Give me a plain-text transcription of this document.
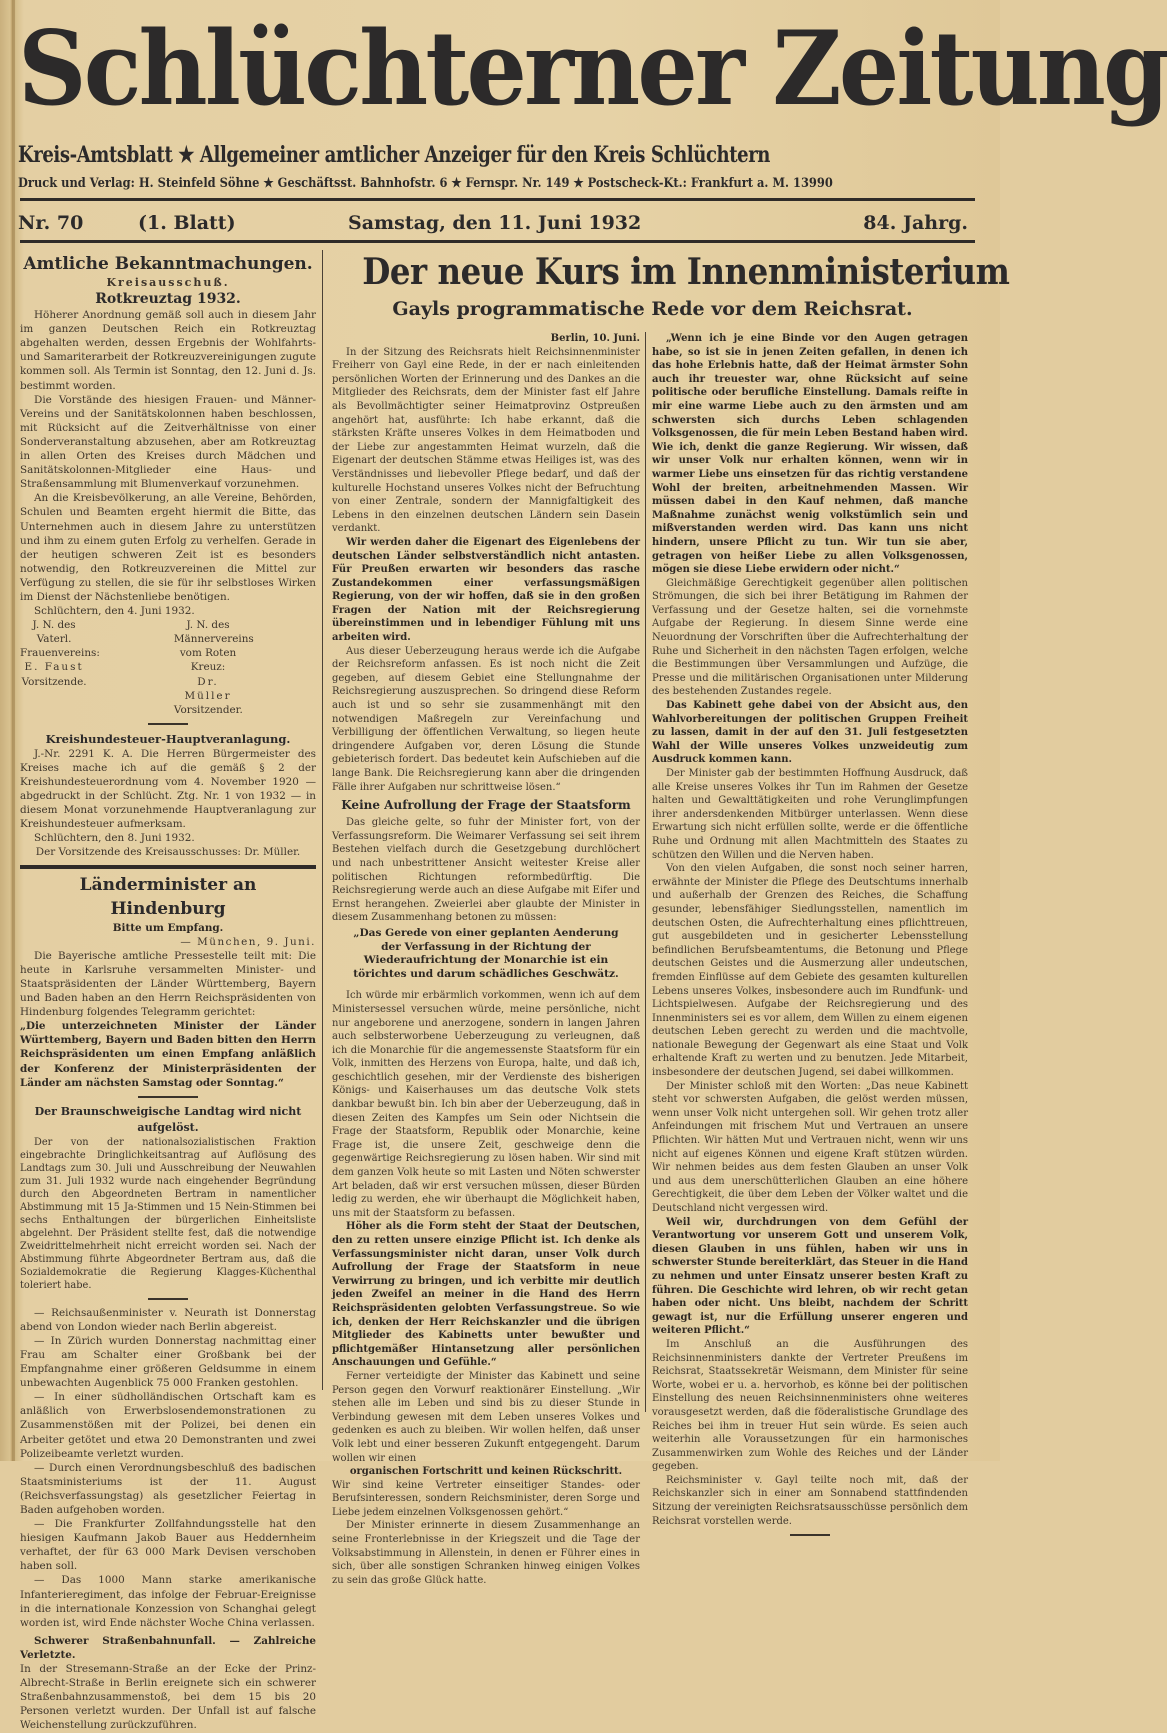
Schlüchterner Zeitung
Kreis-Amtsblatt ★ Allgemeiner amtlicher Anzeiger für den Kreis Schlüchtern
Druck und Verlag: H. Steinfeld Söhne ★ Geschäftsst. Bahnhofstr. 6 ★ Fernspr. Nr. 149 ★ Postscheck-Kt.: Frankfurt a. M. 13990
Nr. 70	(1. Blatt)	Samstag, den 11. Juni 1932	84. Jahrg.
Amtliche Bekanntmachungen.
Kreisausschuß.
Rotkreuztag 1932.

Höherer Anordnung gemäß soll auch in diesem Jahr im ganzen Deutschen Reich ein Rotkreuztag abgehalten werden, dessen Ergebnis der Wohlfahrts- und Samariterarbeit der Rotkreuzvereinigungen zugute kommen soll. Als Termin ist Sonntag, den 12. Juni d. Js. bestimmt worden.

Die Vorstände des hiesigen Frauen- und Männer-Vereins und der Sanitätskolonnen haben beschlossen, mit Rücksicht auf die Zeitverhältnisse von einer Sonderveranstaltung abzusehen, aber am Rotkreuztag in allen Orten des Kreises durch Mädchen und Sanitätskolonnen-Mitglieder eine Haus- und Straßensammlung mit Blumenverkauf vorzunehmen.

An die Kreisbevölkerung, an alle Vereine, Behörden, Schulen und Beamten ergeht hiermit die Bitte, das Unternehmen auch in diesem Jahre zu unterstützen und ihm zu einem guten Erfolg zu verhelfen. Gerade in der heutigen schweren Zeit ist es besonders notwendig, den Rotkreuzvereinen die Mittel zur Verfügung zu stellen, die sie für ihr selbstloses Wirken im Dienst der Nächstenliebe benötigen.

Schlüchtern, den 4. Juni 1932.

J. N. des Vaterl. Frauenvereins:
E. Faust
Vorsitzende.
J. N. des Männervereins vom Roten Kreuz:
Dr. Müller
Vorsitzender.
Kreishundesteuer-Hauptveranlagung.

J.-Nr. 2291 K. A. Die Herren Bürgermeister des Kreises mache ich auf die gemäß § 2 der Kreishundesteuerordnung vom 4. November 1920 — abgedruckt in der Schlücht. Ztg. Nr. 1 von 1932 — in diesem Monat vorzunehmende Hauptveranlagung zur Kreishundesteuer aufmerksam.

Schlüchtern, den 8. Juni 1932.

Der Vorsitzende des Kreisausschusses: Dr. Müller.

Länderminister an Hindenburg
Bitte um Empfang.
— München, 9. Juni.

Die Bayerische amtliche Pressestelle teilt mit: Die heute in Karlsruhe versammelten Minister- und Staatspräsidenten der Länder Württemberg, Bayern und Baden haben an den Herrn Reichspräsidenten von Hindenburg folgendes Telegramm gerichtet:

„Die unterzeichneten Minister der Länder Württemberg, Bayern und Baden bitten den Herrn Reichspräsidenten um einen Empfang anläßlich der Konferenz der Ministerpräsidenten der Länder am nächsten Samstag oder Sonntag.“

Der Braunschweigische Landtag wird nicht aufgelöst.

Der von der nationalsozialistischen Fraktion eingebrachte Dringlichkeitsantrag auf Auflösung des Landtags zum 30. Juli und Ausschreibung der Neuwahlen zum 31. Juli 1932 wurde nach eingehender Begründung durch den Abgeordneten Bertram in namentlicher Abstimmung mit 15 Ja-Stimmen und 15 Nein-Stimmen bei sechs Enthaltungen der bürgerlichen Einheitsliste abgelehnt. Der Präsident stellte fest, daß die notwendige Zweidrittelmehrheit nicht erreicht worden sei. Nach der Abstimmung führte Abgeordneter Bertram aus, daß die Sozialdemokratie die Regierung Klagges-Küchenthal toleriert habe.

— Reichsaußenminister v. Neurath ist Donnerstag abend von London wieder nach Berlin abgereist.

— In Zürich wurden Donnerstag nachmittag einer Frau am Schalter einer Großbank bei der Empfangnahme einer größeren Geldsumme in einem unbewachten Augenblick 75 000 Franken gestohlen.

— In einer südholländischen Ortschaft kam es anläßlich von Erwerbslosendemonstrationen zu Zusammenstößen mit der Polizei, bei denen ein Arbeiter getötet und etwa 20 Demonstranten und zwei Polizeibeamte verletzt wurden.

— Durch einen Verordnungsbeschluß des badischen Staatsministeriums ist der 11. August (Reichsverfassungstag) als gesetzlicher Feiertag in Baden aufgehoben worden.

— Die Frankfurter Zollfahndungsstelle hat den hiesigen Kaufmann Jakob Bauer aus Heddernheim verhaftet, der für 63 000 Mark Devisen verschoben haben soll.

— Das 1000 Mann starke amerikanische Infanterieregiment, das infolge der Februar-Ereignisse in die internationale Konzession von Schanghai gelegt worden ist, wird Ende nächster Woche China verlassen.

Schwerer Straßenbahnunfall. — Zahlreiche Verletzte.

In der Stresemann-Straße an der Ecke der Prinz-Albrecht-Straße in Berlin ereignete sich ein schwerer Straßenbahnzusammenstoß, bei dem 15 bis 20 Personen verletzt wurden. Der Unfall ist auf falsche Weichenstellung zurückzuführen.

Der neue Kurs im Innenministerium
Gayls programmatische Rede vor dem Reichsrat.
Berlin, 10. Juni.

In der Sitzung des Reichsrats hielt Reichsinnenminister Freiherr von Gayl eine Rede, in der er nach einleitenden persönlichen Worten der Erinnerung und des Dankes an die Mitglieder des Reichsrats, dem der Minister fast elf Jahre als Bevollmächtigter seiner Heimatprovinz Ostpreußen angehört hat, ausführte: Ich habe erkannt, daß die stärksten Kräfte unseres Volkes in dem Heimatboden und der Liebe zur angestammten Heimat wurzeln, daß die Eigenart der deutschen Stämme etwas Heiliges ist, was des Verständnisses und liebevoller Pflege bedarf, und daß der kulturelle Hochstand unseres Volkes nicht der Befruchtung von einer Zentrale, sondern der Mannigfaltigkeit des Lebens in den einzelnen deutschen Ländern sein Dasein verdankt.

Wir werden daher die Eigenart des Eigenlebens der deutschen Länder selbstverständlich nicht antasten. Für Preußen erwarten wir besonders das rasche Zustandekommen einer verfassungsmäßigen Regierung, von der wir hoffen, daß sie in den großen Fragen der Nation mit der Reichsregierung übereinstimmen und in lebendiger Fühlung mit uns arbeiten wird.

Aus dieser Ueberzeugung heraus werde ich die Aufgabe der Reichsreform anfassen. Es ist noch nicht die Zeit gegeben, auf diesem Gebiet eine Stellungnahme der Reichsregierung auszusprechen. So dringend diese Reform auch ist und so sehr sie zusammenhängt mit den notwendigen Maßregeln zur Vereinfachung und Verbilligung der öffentlichen Verwaltung, so liegen heute dringendere Aufgaben vor, deren Lösung die Stunde gebieterisch fordert. Das bedeutet kein Aufschieben auf die lange Bank. Die Reichsregierung kann aber die dringenden Fälle ihrer Aufgaben nur schrittweise lösen.“

Keine Aufrollung der Frage der Staatsform

Das gleiche gelte, so fuhr der Minister fort, von der Verfassungsreform. Die Weimarer Verfassung sei seit ihrem Bestehen vielfach durch die Gesetzgebung durchlöchert und nach unbestrittener Ansicht weitester Kreise aller politischen Richtungen reformbedürftig. Die Reichsregierung werde auch an diese Aufgabe mit Eifer und Ernst herangehen. Zweierlei aber glaubte der Minister in diesem Zusammenhang betonen zu müssen:

„Das Gerede von einer geplanten Aenderung der Verfassung in der Richtung der Wiederaufrichtung der Monarchie ist ein törichtes und darum schädliches Geschwätz.

Ich würde mir erbärmlich vorkommen, wenn ich auf dem Ministersessel versuchen würde, meine persönliche, nicht nur angeborene und anerzogene, sondern in langen Jahren auch selbsterworbene Ueberzeugung zu verleugnen, daß ich die Monarchie für die angemessenste Staatsform für ein Volk, inmitten des Herzens von Europa, halte, und daß ich, geschichtlich gesehen, mir der Verdienste des bisherigen Königs- und Kaiserhauses um das deutsche Volk stets dankbar bewußt bin. Ich bin aber der Ueberzeugung, daß in diesen Zeiten des Kampfes um Sein oder Nichtsein die Frage der Staatsform, Republik oder Monarchie, keine Frage ist, die unsere Zeit, geschweige denn die gegenwärtige Reichsregierung zu lösen haben. Wir sind mit dem ganzen Volk heute so mit Lasten und Nöten schwerster Art beladen, daß wir erst versuchen müssen, dieser Bürden ledig zu werden, ehe wir überhaupt die Möglichkeit haben, uns mit der Staatsform zu befassen.

Höher als die Form steht der Staat der Deutschen, den zu retten unsere einzige Pflicht ist. Ich denke als Verfassungsminister nicht daran, unser Volk durch Aufrollung der Frage der Staatsform in neue Verwirrung zu bringen, und ich verbitte mir deutlich jeden Zweifel an meiner in die Hand des Herrn Reichspräsidenten gelobten Verfassungstreue. So wie ich, denken der Herr Reichskanzler und die übrigen Mitglieder des Kabinetts unter bewußter und pflichtgemäßer Hintansetzung aller persönlichen Anschauungen und Gefühle.“

Ferner verteidigte der Minister das Kabinett und seine Person gegen den Vorwurf reaktionärer Einstellung. „Wir stehen alle im Leben und sind bis zu dieser Stunde in Verbindung gewesen mit dem Leben unseres Volkes und gedenken es auch zu bleiben. Wir wollen helfen, daß unser Volk lebt und einer besseren Zukunft entgegengeht. Darum wollen wir einen

organischen Fortschritt und keinen Rückschritt.

Wir sind keine Vertreter einseitiger Standes- oder Berufsinteressen, sondern Reichsminister, deren Sorge und Liebe jedem einzelnen Volksgenossen gehört.“

Der Minister erinnerte in diesem Zusammenhange an seine Fronterlebnisse in der Kriegszeit und die Tage der Volksabstimmung in Allenstein, in denen er Führer eines in sich, über alle sonstigen Schranken hinweg einigen Volkes zu sein das große Glück hatte.

„Wenn ich je eine Binde vor den Augen getragen habe, so ist sie in jenen Zeiten gefallen, in denen ich das hohe Erlebnis hatte, daß der Heimat ärmster Sohn auch ihr treuester war, ohne Rücksicht auf seine politische oder berufliche Einstellung. Damals reifte in mir eine warme Liebe auch zu den ärmsten und am schwersten sich durchs Leben schlagenden Volksgenossen, die für mein Leben Bestand haben wird. Wie ich, denkt die ganze Regierung. Wir wissen, daß wir unser Volk nur erhalten können, wenn wir in warmer Liebe uns einsetzen für das richtig verstandene Wohl der breiten, arbeitnehmenden Massen. Wir müssen dabei in den Kauf nehmen, daß manche Maßnahme zunächst wenig volkstümlich sein und mißverstanden werden wird. Das kann uns nicht hindern, unsere Pflicht zu tun. Wir tun sie aber, getragen von heißer Liebe zu allen Volksgenossen, mögen sie diese Liebe erwidern oder nicht.“

Gleichmäßige Gerechtigkeit gegenüber allen politischen Strömungen, die sich bei ihrer Betätigung im Rahmen der Verfassung und der Gesetze halten, sei die vornehmste Aufgabe der Regierung. In diesem Sinne werde eine Neuordnung der Vorschriften über die Aufrechterhaltung der Ruhe und Sicherheit in den nächsten Tagen erfolgen, welche die Bestimmungen über Versammlungen und Aufzüge, die Presse und die militärischen Organisationen unter Milderung des bestehenden Zustandes regele.

Das Kabinett gehe dabei von der Absicht aus, den Wahlvorbereitungen der politischen Gruppen Freiheit zu lassen, damit in der auf den 31. Juli festgesetzten Wahl der Wille unseres Volkes unzweideutig zum Ausdruck kommen kann.

Der Minister gab der bestimmten Hoffnung Ausdruck, daß alle Kreise unseres Volkes ihr Tun im Rahmen der Gesetze halten und Gewalttätigkeiten und rohe Verunglimpfungen ihrer andersdenkenden Mitbürger unterlassen. Wenn diese Erwartung sich nicht erfüllen sollte, werde er die öffentliche Ruhe und Ordnung mit allen Machtmitteln des Staates zu schützen den Willen und die Nerven haben.

Von den vielen Aufgaben, die sonst noch seiner harren, erwähnte der Minister die Pflege des Deutschtums innerhalb und außerhalb der Grenzen des Reiches, die Schaffung gesunder, lebensfähiger Siedlungsstellen, namentlich im deutschen Osten, die Aufrechterhaltung eines pflichttreuen, gut ausgebildeten und in gesicherter Lebensstellung befindlichen Berufsbeamtentums, die Betonung und Pflege deutschen Geistes und die Ausmerzung aller undeutschen, fremden Einflüsse auf dem Gebiete des gesamten kulturellen Lebens unseres Volkes, insbesondere auch im Rundfunk- und Lichtspielwesen. Aufgabe der Reichsregierung und des Innenministers sei es vor allem, dem Willen zu einem eigenen deutschen Leben gerecht zu werden und die machtvolle, nationale Bewegung der Gegenwart als eine Staat und Volk erhaltende Kraft zu werten und zu benutzen. Jede Mitarbeit, insbesondere der deutschen Jugend, sei dabei willkommen.

Der Minister schloß mit den Worten: „Das neue Kabinett steht vor schwersten Aufgaben, die gelöst werden müssen, wenn unser Volk nicht untergehen soll. Wir gehen trotz aller Anfeindungen mit frischem Mut und Vertrauen an unsere Pflichten. Wir hätten Mut und Vertrauen nicht, wenn wir uns nicht auf eigenes Können und eigene Kraft stützen würden. Wir nehmen beides aus dem festen Glauben an unser Volk und aus dem unerschütterlichen Glauben an eine höhere Gerechtigkeit, die über dem Leben der Völker waltet und die Deutschland nicht vergessen wird.

Weil wir, durchdrungen von dem Gefühl der Verantwortung vor unserem Gott und unserem Volk, diesen Glauben in uns fühlen, haben wir uns in schwerster Stunde bereiterklärt, das Steuer in die Hand zu nehmen und unter Einsatz unserer besten Kraft zu führen. Die Geschichte wird lehren, ob wir recht getan haben oder nicht. Uns bleibt, nachdem der Schritt gewagt ist, nur die Erfüllung unserer engeren und weiteren Pflicht.“

Im Anschluß an die Ausführungen des Reichsinnenministers dankte der Vertreter Preußens im Reichsrat, Staatssekretär Weismann, dem Minister für seine Worte, wobei er u. a. hervorhob, es könne bei der politischen Einstellung des neuen Reichsinnenministers ohne weiteres vorausgesetzt werden, daß die föderalistische Grundlage des Reiches bei ihm in treuer Hut sein würde. Es seien auch weiterhin alle Voraussetzungen für ein harmonisches Zusammenwirken zum Wohle des Reiches und der Länder gegeben.

Reichsminister v. Gayl teilte noch mit, daß der Reichskanzler sich in einer am Sonnabend stattfindenden Sitzung der vereinigten Reichsratsausschüsse persönlich dem Reichsrat vorstellen werde.
